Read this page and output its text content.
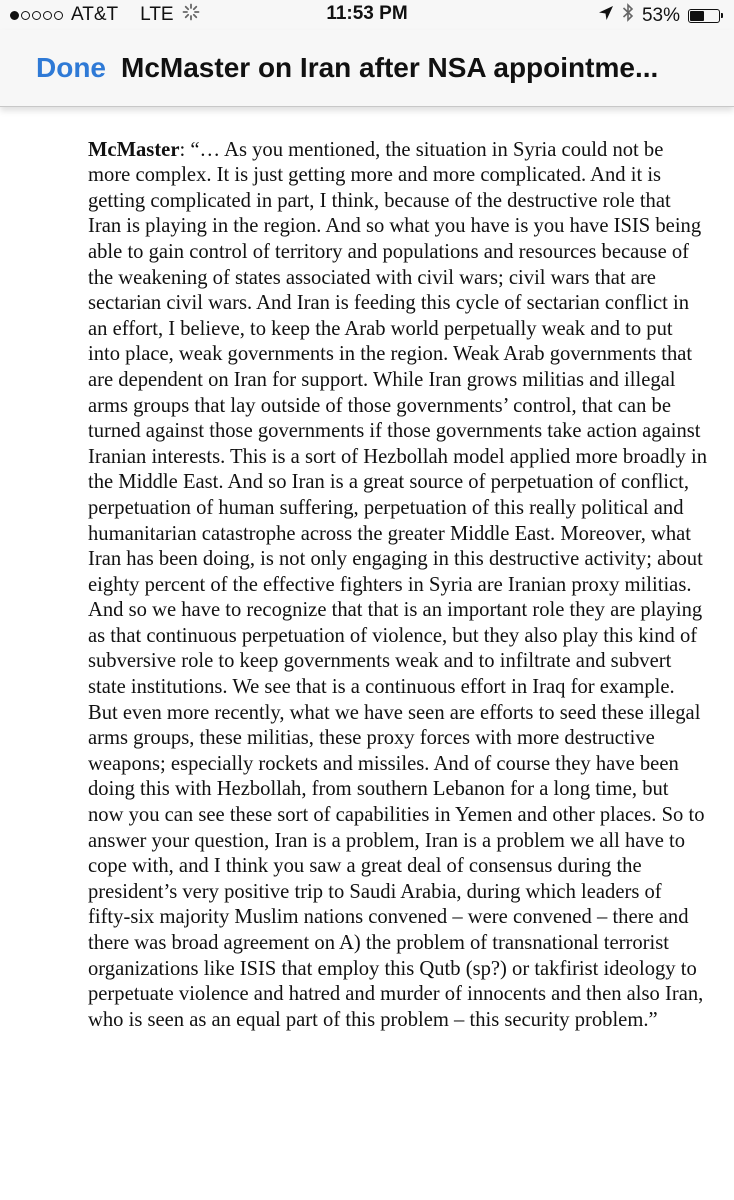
AT&T LTE	11:53 PM	53%
Done McMaster on Iran after NSA appointme...

McMaster: “… As you mentioned, the situation in Syria could not be more complex. It is just getting more and more complicated. And it is getting complicated in part, I think, because of the destructive role that Iran is playing in the region. And so what you have is you have ISIS being able to gain control of territory and populations and resources because of the weakening of states associated with civil wars; civil wars that are sectarian civil wars. And Iran is feeding this cycle of sectarian conflict in an effort, I believe, to keep the Arab world perpetually weak and to put into place, weak governments in the region. Weak Arab governments that are dependent on Iran for support. While Iran grows militias and illegal arms groups that lay outside of those governments’ control, that can be turned against those governments if those governments take action against Iranian interests. This is a sort of Hezbollah model applied more broadly in the Middle East. And so Iran is a great source of perpetuation of conflict, perpetuation of human suffering, perpetuation of this really political and humanitarian catastrophe across the greater Middle East. Moreover, what Iran has been doing, is not only engaging in this destructive activity; about eighty percent of the effective fighters in Syria are Iranian proxy militias. And so we have to recognize that that is an important role they are playing as that continuous perpetuation of violence, but they also play this kind of subversive role to keep governments weak and to infiltrate and subvert state institutions. We see that is a continuous effort in Iraq for example. But even more recently, what we have seen are efforts to seed these illegal arms groups, these militias, these proxy forces with more destructive weapons; especially rockets and missiles. And of course they have been doing this with Hezbollah, from southern Lebanon for a long time, but now you can see these sort of capabilities in Yemen and other places. So to answer your question, Iran is a problem, Iran is a problem we all have to cope with, and I think you saw a great deal of consensus during the president’s very positive trip to Saudi Arabia, during which leaders of fifty-six majority Muslim nations convened – were convened – there and there was broad agreement on A) the problem of transnational terrorist organizations like ISIS that employ this Qutb (sp?) or takfirist ideology to perpetuate violence and hatred and murder of innocents and then also Iran, who is seen as an equal part of this problem – this security problem.”
